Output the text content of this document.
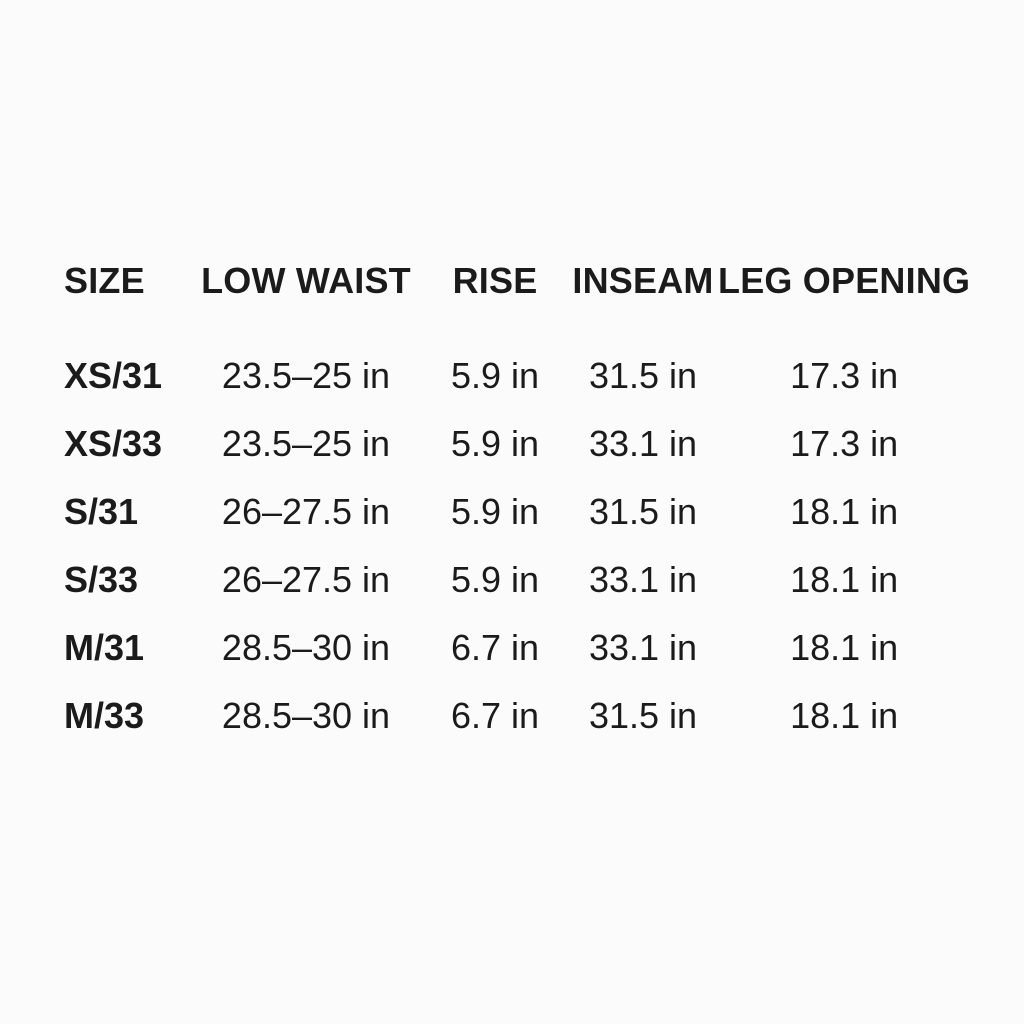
SIZE	LOW WAIST	RISE	INSEAM	LEG OPENING
XS/31	23.5–25 in	5.9 in	31.5 in	17.3 in
XS/33	23.5–25 in	5.9 in	33.1 in	17.3 in
S/31	26–27.5 in	5.9 in	31.5 in	18.1 in
S/33	26–27.5 in	5.9 in	33.1 in	18.1 in
M/31	28.5–30 in	6.7 in	33.1 in	18.1 in
M/33	28.5–30 in	6.7 in	31.5 in	18.1 in
